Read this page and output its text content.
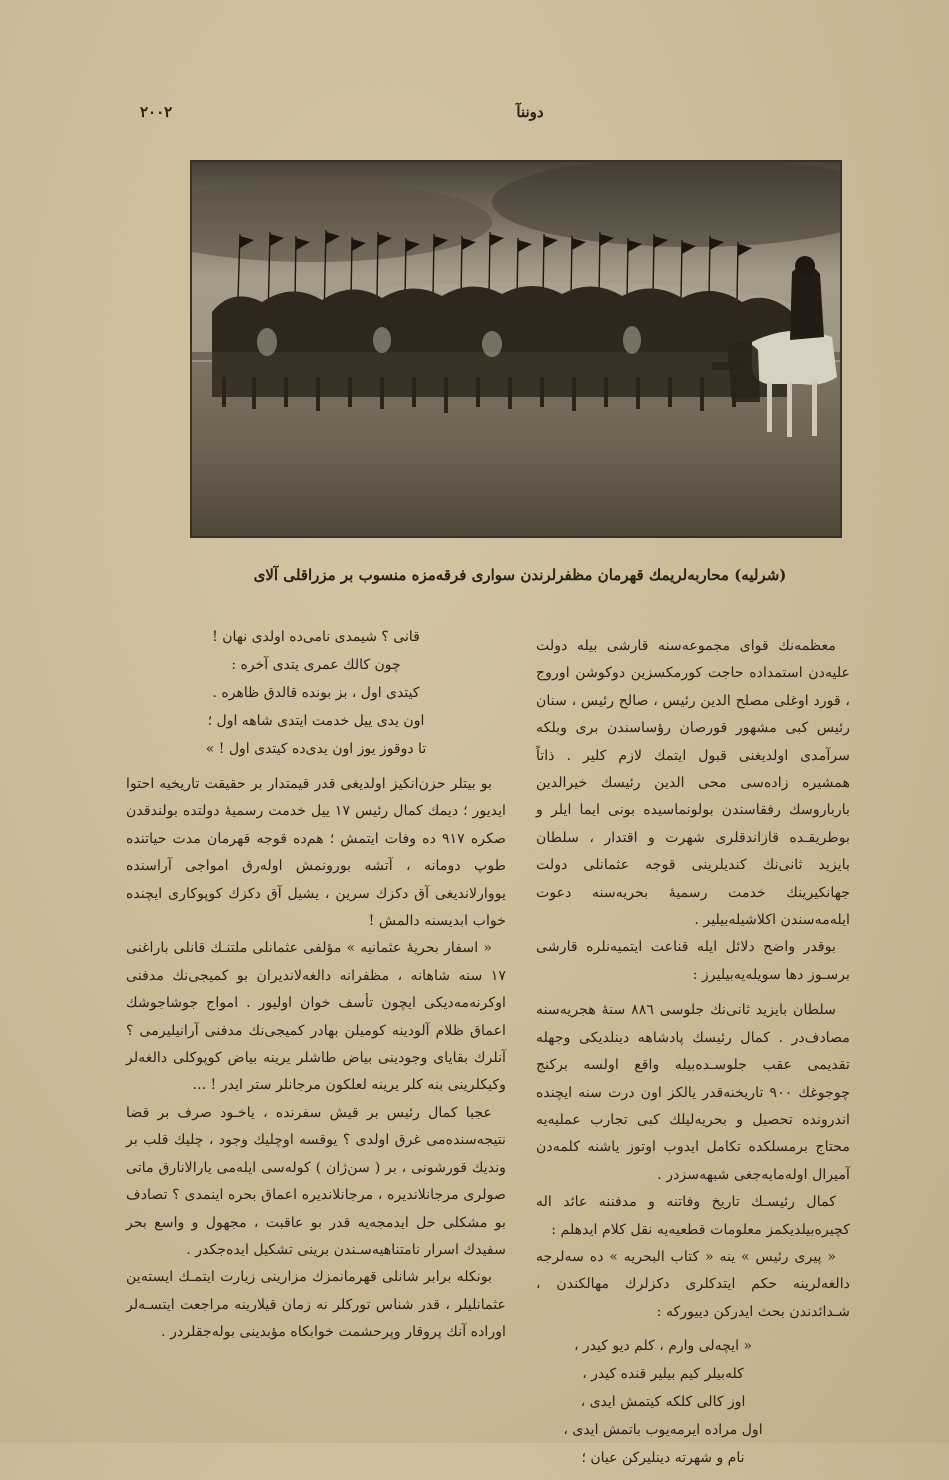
دوننآ
٢٠٠٢
(شرلیه) محاربه‌لریمك قهرمان مظفرلرندن سواری فرقه‌مزه منسوب بر مزراقلی آلای

معظمه‌نك قوای مجموعه‌سنه قارشی بیله دولت علیه‌دن استمداده حاجت کورمکسزین دوکوشن اوروج ، قورد اوغلی مصلح الدین رئیس ، صالح رئیس ، سنان رئیس کبی مشهور قورصان رؤساسندن بری وبلکه سرآمدی اولدیغنی قبول ایتمك لازم کلیر . ذاتاً همشیره زاده‌سی محی الدین رئیسك خیرالدین بارباروسك رفقاسندن بولونماسیده بونی ایما ایلر و بوطریقـده قازاندقلری شهرت و اقتدار ، سلطان بایزید ثانی‌نك کندیلرینی قوجه عثمانلی دولت جهانکیرینك خدمت رسمیهٔ بحریه‌سنه دعوت ایله‌مه‌سندن اکلاشیله‌بیلیر .

بوقدر واضح دلائل ایله قناعت ایتمیه‌نلره قارشی برسـوز دها سویله‌یه‌بیلیرز :

سلطان بایزید ثانی‌نك جلوسی ٨٨٦ سنهٔ هجریه‌سنه مصادف‌در . کمال رئیسك پادشاهه دینلدیکی وجهله تقدیمی عقب جلوسـده‌بیله واقع اولسه برکنج چوجوغك ٩٠٠ تاریخنه‌قدر یالکز اون درت سنه ایچنده اندرونده تحصیل و بحریه‌لیلك کبی تجارب عملیه‌یه محتاج برمسلکده تکامل ایدوب اوتوز یاشنه کلمه‌دن آمیرال اوله‌مایه‌جغی شبهه‌سزدر .

کمال رئیسـك تاریخ وفاتنه و مدفننه عائد اله کچیره‌بیلدیکمز معلومات قطعیه‌یه نقل کلام ایدهلم :

« پیری رئیس » ینه « کتاب البحریه » ده سه‌لرجه دالغه‌لرینه حکم ایتدکلری دکزلرك مهالکندن ، شـدائدندن بحث ایدرکن دییورکه :

« ایچه‌لی وارم ، کلم دیو کیدر ،
کله‌بیلر کیم بیلیر قنده کیدر ،
اوز کالی کلکه کیتمش ایدی ،
اول مراده ایرمه‌یوب باتمش ایدی ،
نام و شهرته دینلیرکن عیان ؛
قانی ؟ شیمدی نامی‌ده اولدی نهان !
چون کالك عمری یتدی آخره :
کیتدی اول ، بز بونده قالدق ظاهره .
اون یدی ییل خدمت ایتدی شاهه اول ؛
تا دوقوز یوز اون یدی‌ده کیتدی اول ! »

بو بیتلر حزن‌انکیز اولدیغی قدر قیمتدار بر حقیقت تاریخیه احتوا ایدیور ؛ دیمك کمال رئیس ١٧ ییل خدمت رسمیهٔ دولتده بولندقدن صکره ٩١٧ ده وفات ایتمش ؛ هم‌ده قوجه قهرمان مدت حیاتنده طوپ دومانه ، آتشه بورونمش اوله‌رق امواجی آراسنده یووارلاندیغی آق دکزك سرین ، یشیل آق دکزك کوپوکاری ایچنده خواب ابدیسنه دالمش !

« اسفار بحریهٔ عثمانیه » مؤلفی عثمانلی ملتنـك قانلی باراغنی ١٧ سنه شاهانه ، مظفرانه دالغه‌لاندیران بو کمیجی‌نك مدفنی اوکرنه‌مه‌دیکی ایچون تأسف خوان اولیور . امواج جوشاجوشك اعماق ظلام آلودینه کومیلن بهادر کمیجی‌نك مدفنی آرانیلیرمی ؟ آنلرك بقایای وجودینی بیاض طاشلر یرینه بیاض کوپوکلی دالغه‌لر وکیکلرینی بنه کلر یرینه لعلکون مرجانلر ستر ایدر ! ...

عجبا کمال رئیس بر قیش سفرنده ، یاخـود صرف بر قضا نتیجه‌سنده‌می غرق اولدی ؟ یوقسه اوچلیك وجود ، چلیك قلب بر ونديك قورشونی ، بر ( سن‌ژان ) کوله‌سی ایله‌می یارالانارق ماتی صولری مرجانلاندیره ، مرجانلاندیره اعماق بحره اینمدی ؟ تصادف بو مشکلی حل ایدمجه‌یه قدر بو عاقبت ، مجهول و واسع بحر سفیدك اسرار نامتناهیه‌سـندن برینی تشکیل ایده‌جکدر .

بونکله برابر شانلی قهرمانمزك مزارینی زیارت ایتمـك ایسته‌ین عثمانلیلر ، قدر شناس تورکلر نه زمان قیلارینه مراجعت ایتسـه‌لر اوراده آنك پروقار وپرحشمت خوابکاه مؤبدینی بوله‌جقلردر .
